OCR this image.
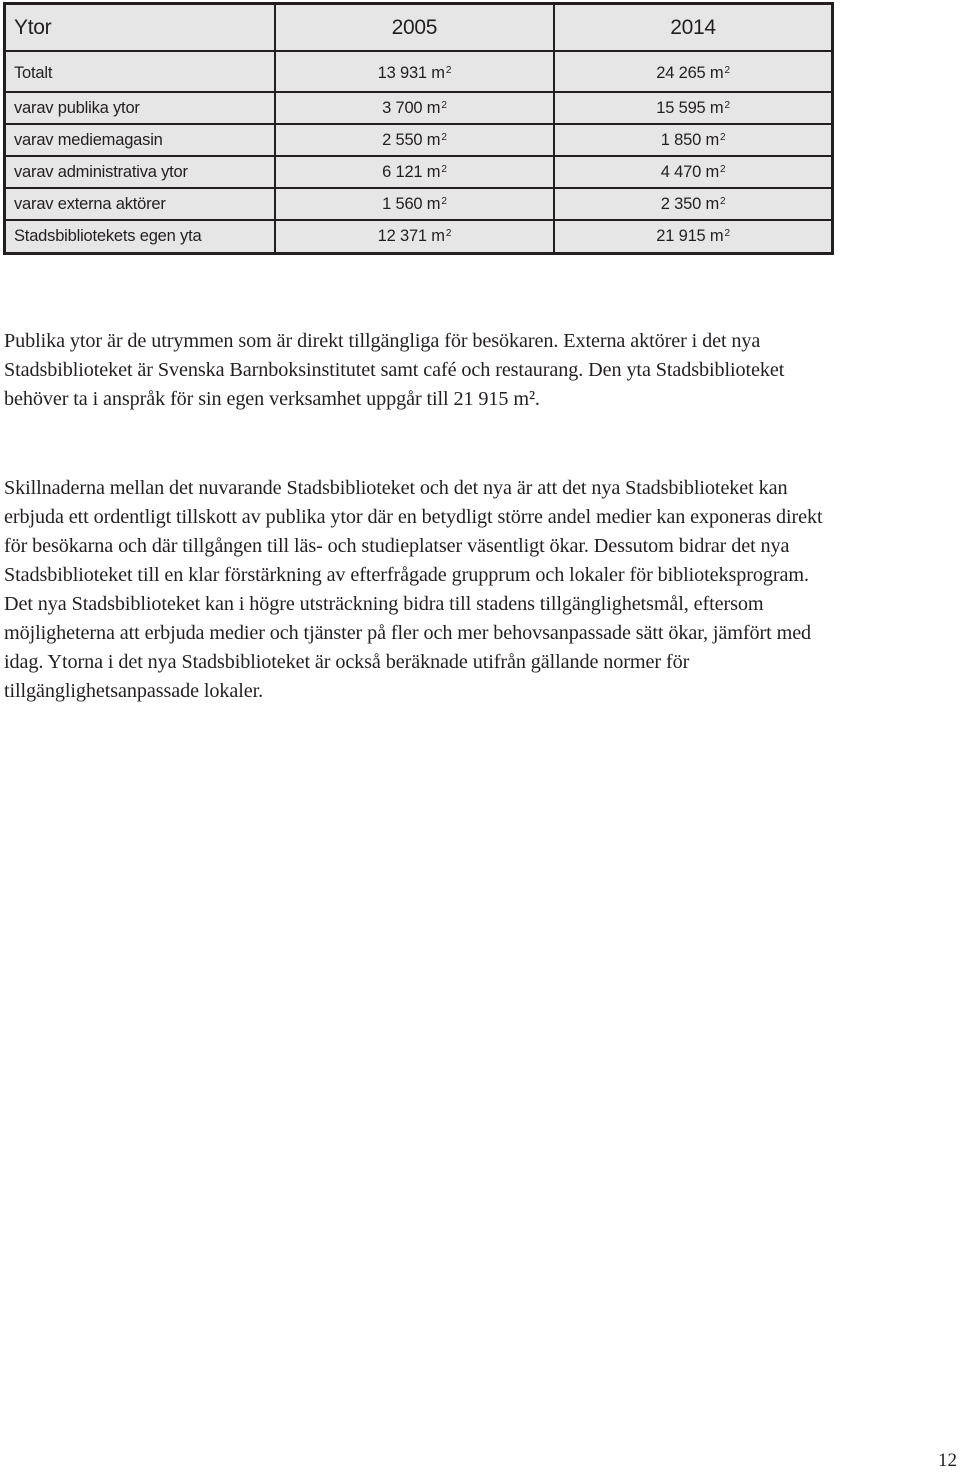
Ytor	2005	2014
Totalt	13 931 $m^2$	24 265 $m^2$
varav publika ytor	3 700 $m^2$	15 595 $m^2$
varav mediemagasin	2 550 $m^2$	1 850 $m^2$
varav administrativa ytor	6 121 $m^2$	4 470 $m^2$
varav externa aktörer	1 560 $m^2$	2 350 $m^2$
Stadsbibliotekets egen yta	12 371 $m^2$	21 915 $m^2$

Publika ytor är de utrymmen som är direkt tillgängliga för besökaren. Externa aktörer i det nya Stadsbiblioteket är Svenska Barnboksinstitutet samt café och restaurang. Den yta Stadsbiblioteket behöver ta i anspråk för sin egen verksamhet uppgår till 21 915 m².

Skillnaderna mellan det nuvarande Stadsbiblioteket och det nya är att det nya Stadsbiblioteket kan erbjuda ett ordentligt tillskott av publika ytor där en betydligt större andel medier kan exponeras direkt för besökarna och där tillgången till läs- och studieplatser väsentligt ökar. Dessutom bidrar det nya Stadsbiblioteket till en klar förstärkning av efterfrågade grupprum och lokaler för biblioteksprogram. Det nya Stadsbiblioteket kan i högre utsträckning bidra till stadens tillgänglighetsmål, eftersom möjligheterna att erbjuda medier och tjänster på fler och mer behovsanpassade sätt ökar, jämfört med idag. Ytorna i det nya Stadsbiblioteket är också beräknade utifrån gällande normer för tillgänglighetsanpassade lokaler.

12
